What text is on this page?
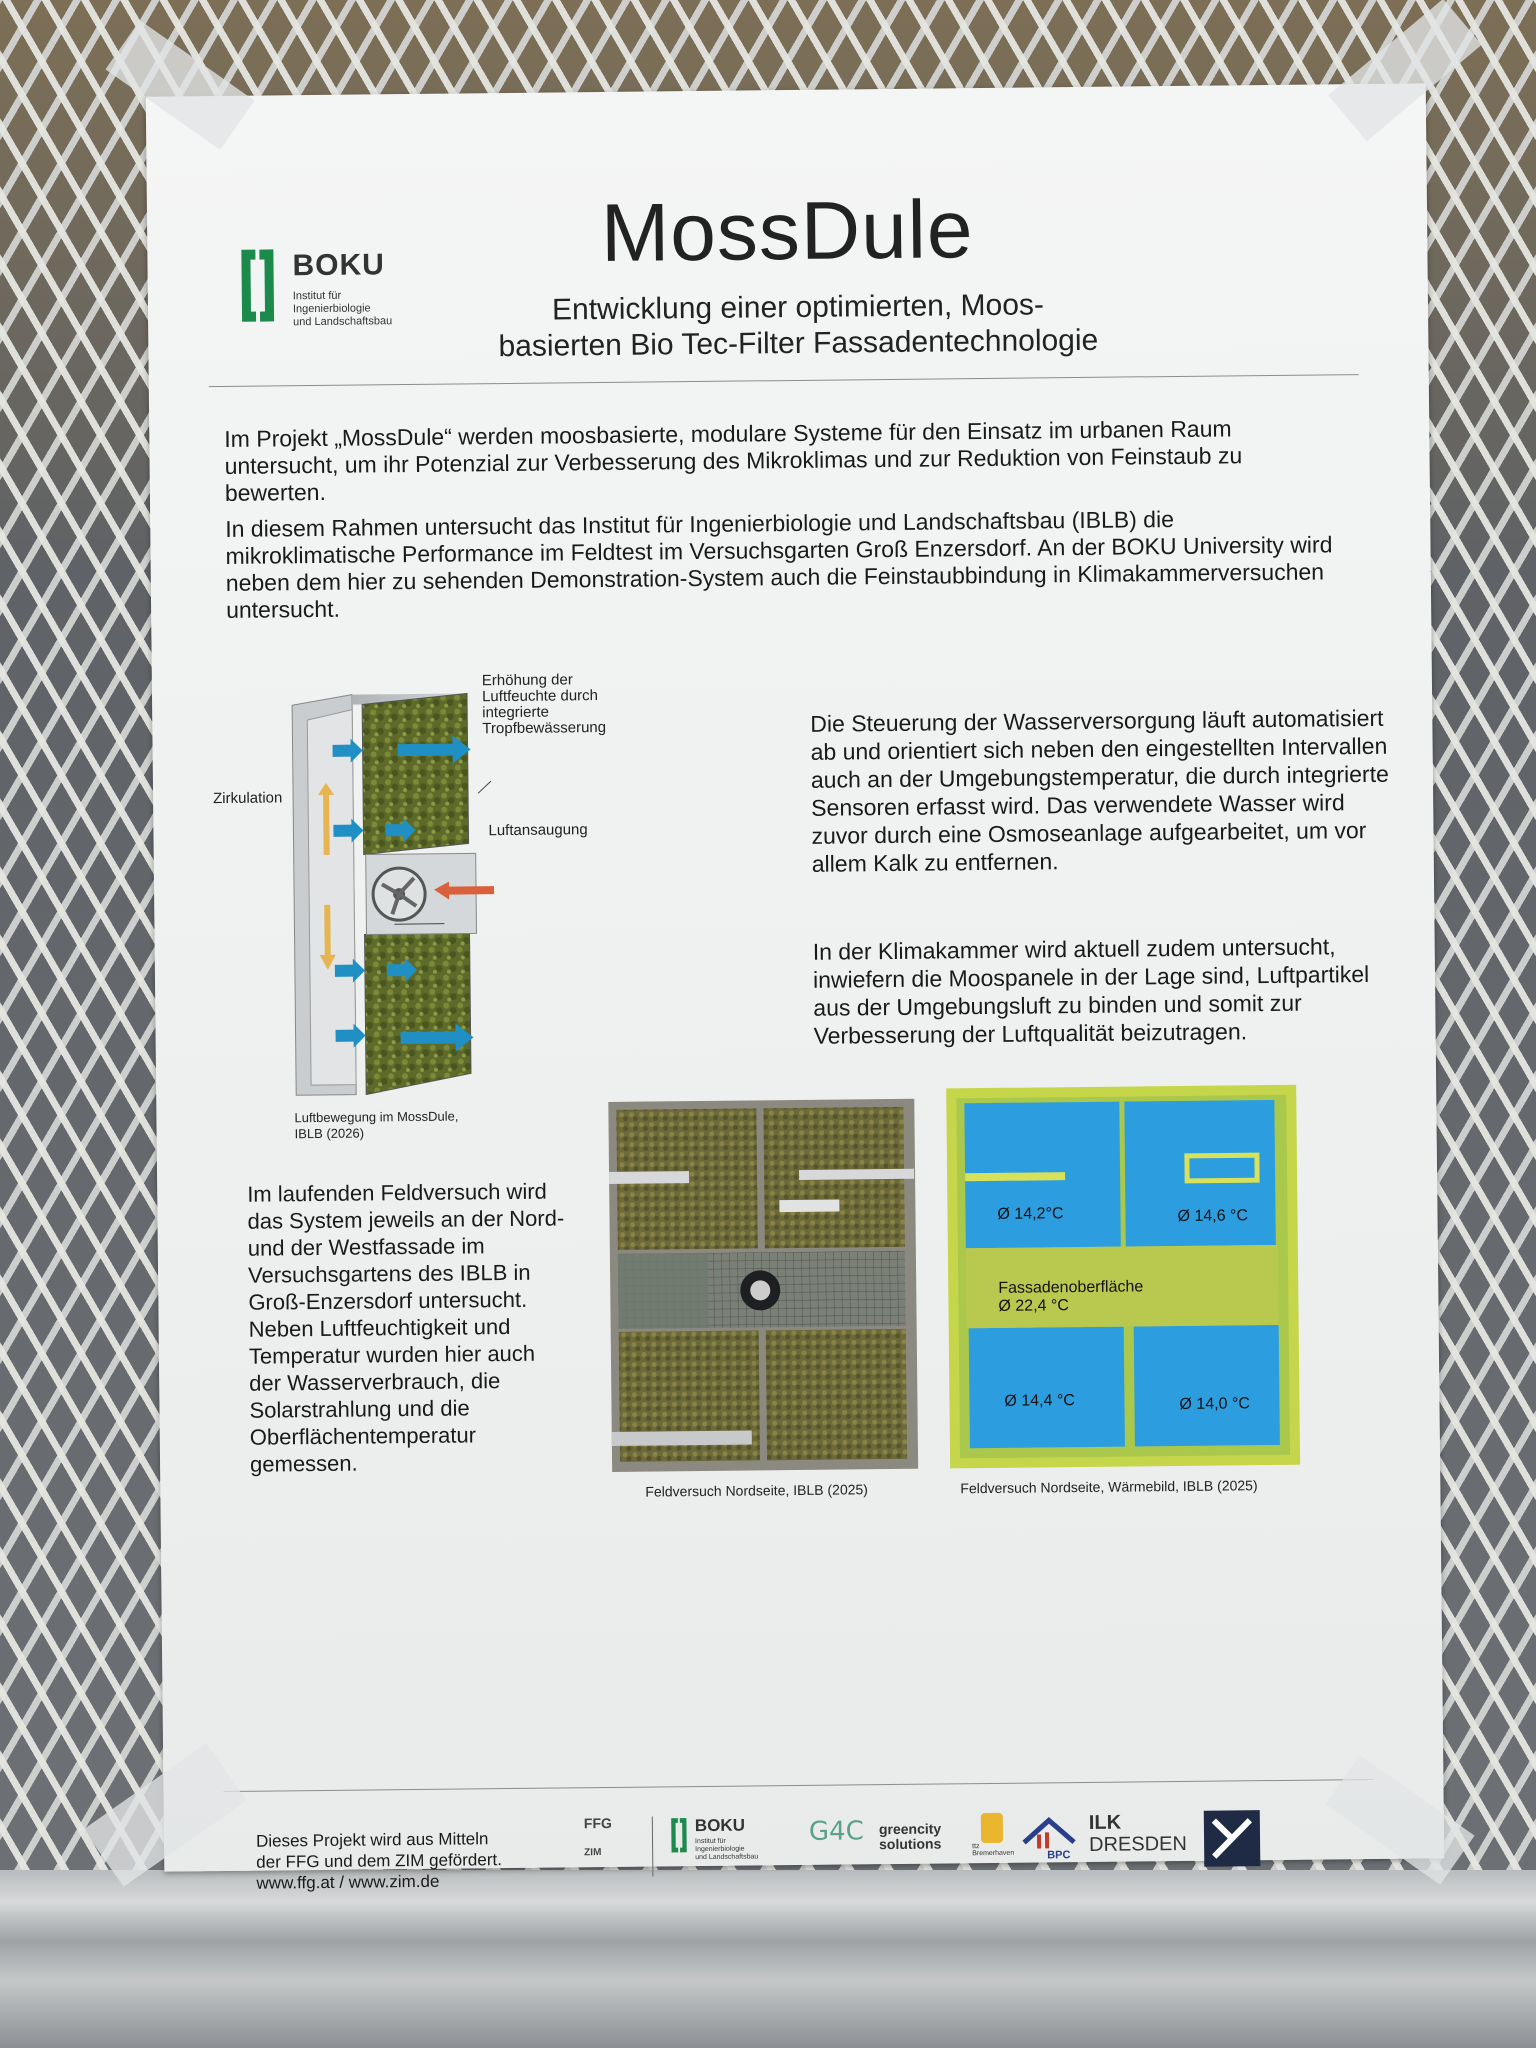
BOKU
Institut für
Ingenierbiologie
und Landschaftsbau
MossDule
Entwicklung einer optimierten, Moos-
basierten Bio Tec-Filter Fassadentechnologie
Im Projekt „MossDule“ werden moosbasierte, modulare Systeme für den Einsatz im urbanen Raum untersucht, um ihr Potenzial zur Verbesserung des Mikroklimas und zur Reduktion von Feinstaub zu bewerten.
In diesem Rahmen untersucht das Institut für Ingenierbiologie und Landschaftsbau (IBLB) die mikroklimatische Performance im Feldtest im Versuchsgarten Groß Enzersdorf. An der BOKU University wird neben dem hier zu sehenden Demonstration-System auch die Feinstaubbindung in Klimakammerversuchen untersucht.
Erhöhung der
Luftfeuchte durch
integrierte
Tropfbewässerung
Zirkulation
Luftansaugung
Luftbewegung im MossDule,
IBLB (2026)
Die Steuerung der Wasserversorgung läuft automatisiert ab und orientiert sich neben den eingestellten Intervallen auch an der Umgebungstemperatur, die durch integrierte Sensoren erfasst wird. Das verwendete Wasser wird zuvor durch eine Osmoseanlage aufgearbeitet, um vor allem Kalk zu entfernen.
In der Klimakammer wird aktuell zudem untersucht, inwiefern die Moospanele in der Lage sind, Luftpartikel aus der Umgebungsluft zu binden und somit zur Verbesserung der Luftqualität beizutragen.
Im laufenden Feldversuch wird das System jeweils an der Nord- und der Westfassade im Versuchsgartens des IBLB in Groß-Enzersdorf untersucht. Neben Luftfeuchtigkeit und Temperatur wurden hier auch der Wasserverbrauch, die Solarstrahlung und die Oberflächentemperatur gemessen.
Feldversuch Nordseite, IBLB (2025)
Ø 14,2°C	Ø 14,6 °C
Fassadenoberfläche
Ø 22,4 °C
Ø 14,4 °C	Ø 14,0 °C
Feldversuch Nordseite, Wärmebild, IBLB (2025)
Dieses Projekt wird aus Mitteln
der FFG und dem ZIM gefördert.
www.ffg.at / www.zim.de
FFG
ZIM
BOKU
Institut für
Ingenierbiologie
und Landschaftsbau
G4C greencity
solutions	ttz Bremerhaven	BPC
ILK
DRESDEN
